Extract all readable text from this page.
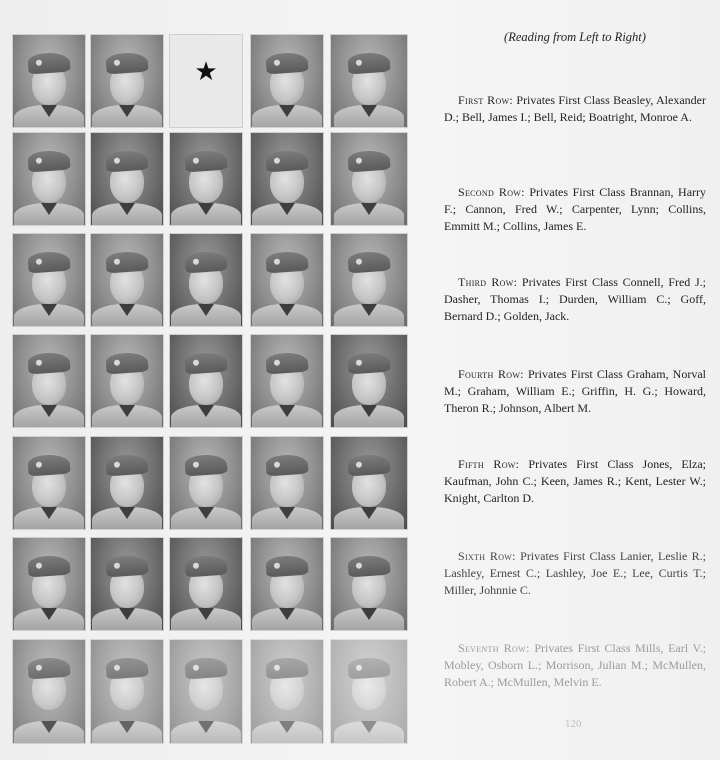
★

(Reading from Left to Right)

First Row: Privates First Class Beasley, Alexander D.; Bell, James I.; Bell, Reid; Boatright, Monroe A.

Second Row: Privates First Class Brannan, Harry F.; Cannon, Fred W.; Carpenter, Lynn; Collins, Emmitt M.; Collins, James E.

Third Row: Privates First Class Connell, Fred J.; Dasher, Thomas I.; Durden, William C.; Goff, Bernard D.; Golden, Jack.

Fourth Row: Privates First Class Graham, Norval M.; Graham, William E.; Griffin, H. G.; Howard, Theron R.; Johnson, Albert M.

Fifth Row: Privates First Class Jones, Elza; Kaufman, John C.; Keen, James R.; Kent, Lester W.; Knight, Carlton D.

Sixth Row: Privates First Class Lanier, Leslie R.; Lashley, Ernest C.; Lashley, Joe E.; Lee, Curtis T.; Miller, Johnnie C.

Seventh Row: Privates First Class Mills, Earl V.; Mobley, Osborn L.; Morrison, Julian M.; McMullen, Robert A.; McMullen, Melvin E.

120
